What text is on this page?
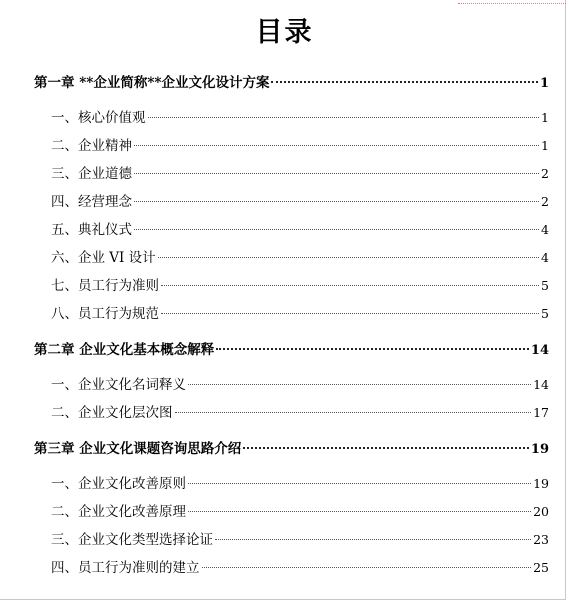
目录
第一章 **企业简称**企业文化设计方案	1
一、核心价值观	1
二、企业精神	1
三、企业道德	2
四、经营理念	2
五、典礼仪式	4
六、企业 VI 设计	4
七、员工行为准则	5
八、员工行为规范	5
第二章 企业文化基本概念解释	14
一、企业文化名词释义	14
二、企业文化层次图	17
第三章 企业文化课题咨询思路介绍	19
一、企业文化改善原则	19
二、企业文化改善原理	20
三、企业文化类型选择论证	23
四、员工行为准则的建立	25
